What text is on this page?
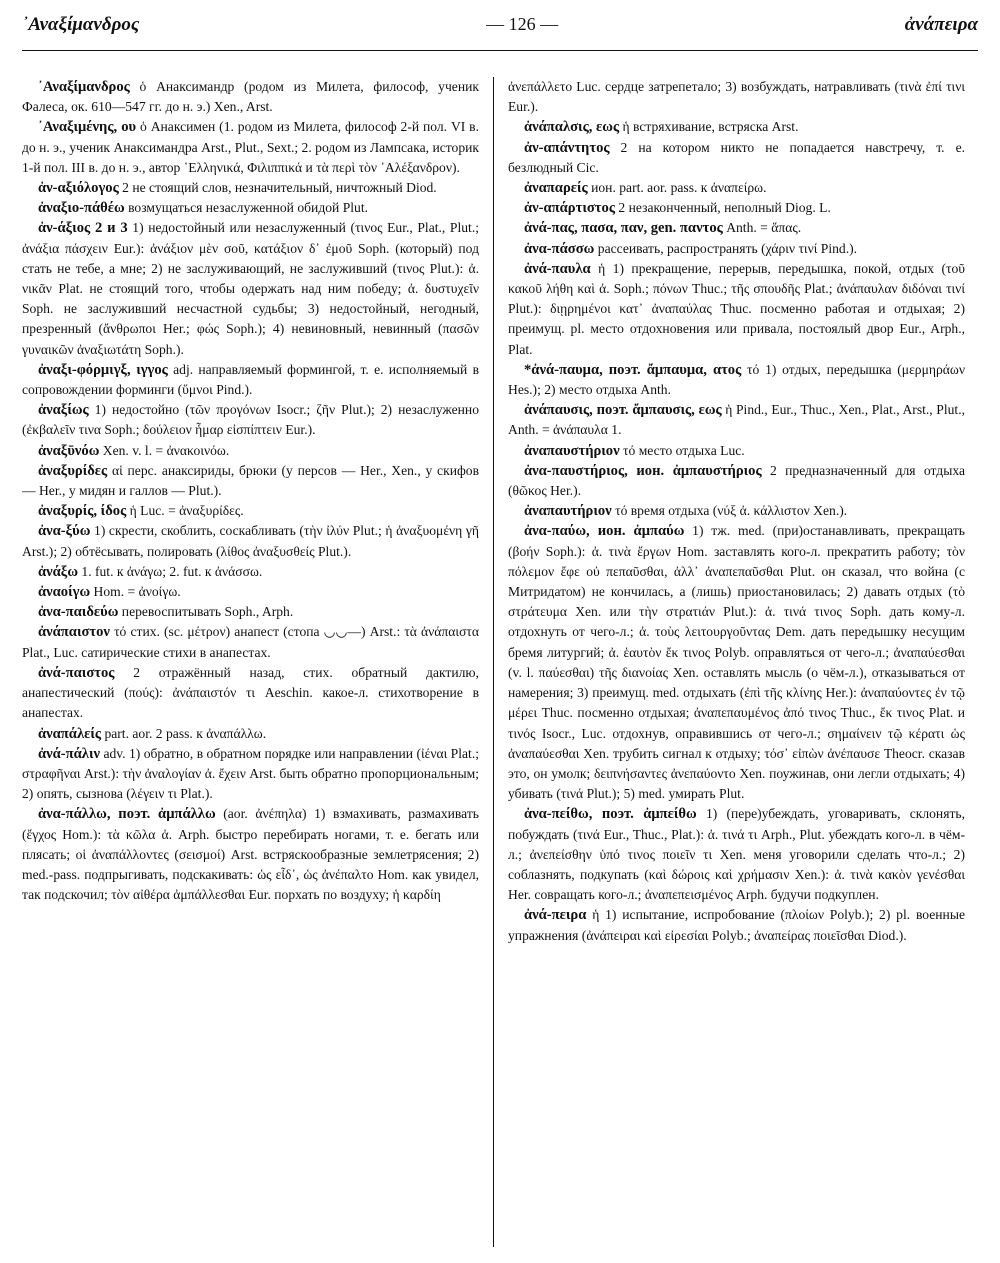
᾿Αναξίμανδρος	— 126 —	ἀνάπειρα

᾿Αναξίμανδρος ὁ Анаксимандр (родом из Милета, философ, ученик Фалеса, ок. 610—547 гг. до н. э.) Xen., Arst.

᾿Αναξιμένης, ου ὁ Анаксимен (1. родом из Милета, философ 2-й пол. VI в. до н. э., ученик Анаксимандра Arst., Plut., Sext.; 2. родом из Лампсака, историк 1-й пол. III в. до н. э., автор ῾Ελληνικά, Φιλιππικά и τὰ περὶ τὸν ᾿Αλέξανδρον).

ἀν-αξιόλογος 2 не стоящий слов, незначительный, ничтожный Diod.

ἀναξιο-πάθέω возмущаться незаслуженной обидой Plut.

ἀν-άξιος 2 и 3 1) недостойный или незаслуженный (τινος Eur., Plat., Plut.; ἀνάξια πάσχειν Eur.): ἀνάξιον μὲν σοῦ, κατάξιον δ᾿ ἐμοῦ Soph. (который) под стать не тебе, а мне; 2) не заслуживающий, не заслуживший (τινος Plut.): ἀ. νικᾶν Plat. не стоящий того, чтобы одержать над ним победу; ἀ. δυστυχεῖν Soph. не заслуживший несчастной судьбы; 3) недостойный, негодный, презренный (ἄνθρωποι Her.; φώς Soph.); 4) невиновный, невинный (πασῶν γυναικῶν ἀναξιωτάτη Soph.).

ἀναξι-φόρμιγξ, ιγγος adj. направляемый формингой, т. е. исполняемый в сопровождении форминги (ὕμνοι Pind.).

ἀναξίως 1) недостойно (τῶν προγόνων Isocr.; ζῆν Plut.); 2) незаслуженно (ἐκβαλεῖν τινα Soph.; δούλειον ἦμαρ εἰσπίπτειν Eur.).

ἀναξῡνόω Xen. v. l. = ἀνακοινόω.

ἀναξυρίδες αἱ перс. анаксириды, брюки (у персов — Her., Xen., у скифов — Her., у мидян и галлов — Plut.).

ἀναξυρίς, ίδος ἡ Luc. = ἀναξυρίδες.

ἀνα-ξύω 1) скрести, скоблить, соскабливать (τὴν ἰλύν Plut.; ἡ ἀναξυομένη γῆ Arst.); 2) обтёсывать, полировать (λίθος ἀναξυσθείς Plut.).

ἀνάξω 1. fut. к ἀνάγω; 2. fut. к ἀνάσσω.

ἀναοίγω Hom. = ἀνοίγω.

ἀνα-παιδεύω перевоспитывать Soph., Arph.

ἀνάπαιστον τό стих. (sc. μέτρον) анапест (стопа ◡◡—) Arst.: τὰ ἀνάπαιστα Plat., Luc. сатирические стихи в анапестах.

ἀνά-παιστος 2 отражённый назад, стих. обратный дактилю, анапестический (πούς): ἀνάπαιστόν τι Aeschin. какое-л. стихотворение в анапестах.

ἀναπάλείς part. aor. 2 pass. к ἀναπάλλω.

ἀνά-πάλιν adv. 1) обратно, в обратном порядке или направлении (ἰέναι Plat.; στραφῆναι Arst.): τὴν ἀναλογίαν ἀ. ἔχειν Arst. быть обратно пропорциональным; 2) опять, сызнова (λέγειν τι Plat.).

ἀνα-πάλλω, поэт. ἀμπάλλω (aor. ἀνέπηλα) 1) взмахивать, размахивать (ἔγχος Hom.): τὰ κῶλα ἀ. Arph. быстро перебирать ногами, т. е. бегать или плясать; οἱ ἀναπάλλοντες (σεισμοί) Arst. встряскообразные землетрясения; 2) med.-pass. подпрыгивать, подскакивать: ὡς εἶδ᾿, ὡς ἀνέπαλτο Hom. как увидел, так подскочил; τὸν αἰθέρα ἀμπάλλεσθαι Eur. порхать по воздуху; ἡ καρδίη

ἀνεπάλλετο Luc. сердце затрепетало; 3) возбуждать, натравливать (τινὰ ἐπί τινι Eur.).

ἀνάπαλσις, εως ἡ встряхивание, встряска Arst.

ἀν-απάντητος 2 на котором никто не попадается навстречу, т. е. безлюдный Cic.

ἀναπαρείς ион. part. aor. pass. к ἀναπείρω.

ἀν-απάρτιστος 2 незаконченный, неполный Diog. L.

ἀνά-πας, πασα, παν, gen. παντος Anth. = ἅπας.

ἀνα-πάσσω рассеивать, распространять (χάριν τινί Pind.).

ἀνά-παυλα ἡ 1) прекращение, перерыв, передышка, покой, отдых (τοῦ κακοῦ λήθη καὶ ἀ. Soph.; πόνων Thuc.; τῆς σπουδῆς Plat.; ἀνάπαυλαν διδόναι τινί Plut.): διῃρημένοι κατ᾿ ἀναπαύλας Thuc. посменно работая и отдыхая; 2) преимущ. pl. место отдохновения или привала, постоялый двор Eur., Arph., Plat.

*ἀνά-παυμα, поэт. ἄμπαυμα, ατος τό 1) отдых, передышка (μερμηράων Hes.); 2) место отдыха Anth.

ἀνάπαυσις, поэт. ἄμπαυσις, εως ἡ Pind., Eur., Thuc., Xen., Plat., Arst., Plut., Anth. = ἀνάπαυλα 1.

ἀναπαυστήριον τό место отдыха Luc.

ἀνα-παυστήριος, ион. ἀμπαυστήριος 2 предназначенный для отдыха (θῶκος Her.).

ἀναπαυτήριον τό время отдыха (νύξ ἀ. κάλλιστον Xen.).

ἀνα-παύω, ион. ἀμπαύω 1) тж. med. (при)останавливать, прекращать (βοήν Soph.): ἀ. τινὰ ἔργων Hom. заставлять кого-л. прекратить работу; τὸν πόλεμον ἔφε οὐ πεπαῦσθαι, ἀλλ᾿ ἀναπεπαῦσθαι Plut. он сказал, что война (с Митридатом) не кончилась, а (лишь) приостановилась; 2) давать отдых (τὸ στράτευμα Xen. или τὴν στρατιάν Plut.): ἀ. τινά τινος Soph. дать кому-л. отдохнуть от чего-л.; ἀ. τοὺς λειτουργοῦντας Dem. дать передышку несущим бремя литургий; ἀ. ἑαυτὸν ἔκ τινος Polyb. оправляться от чего-л.; ἀναπαύεσθαι (v. l. παύεσθαι) τῆς διανοίας Xen. оставлять мысль (о чём-л.), отказываться от намерения; 3) преимущ. med. отдыхать (ἐπὶ τῆς κλίνης Her.): ἀναπαύοντες ἐν τῷ μέρει Thuc. посменно отдыхая; ἀναπεπαυμένος ἀπό τινος Thuc., ἔκ τινος Plat. и τινός Isocr., Luc. отдохнув, оправившись от чего-л.; σημαίνειν τῷ κέρατι ὡς ἀναπαύεσθαι Xen. трубить сигнал к отдыху; τόσ᾿ εἰπὼν ἀνέπαυσε Theocr. сказав это, он умолк; δειπνήσαντες ἀνεπαύοντο Xen. поужинав, они легли отдыхать; 4) убивать (τινά Plut.); 5) med. умирать Plut.

ἀνα-πείθω, поэт. ἀμπείθω 1) (пере)убеждать, уговаривать, склонять, побуждать (τινά Eur., Thuc., Plat.): ἀ. τινά τι Arph., Plut. убеждать кого-л. в чём-л.; ἀνεπείσθην ὑπό τινος ποιεῖν τι Xen. меня уговорили сделать что-л.; 2) соблазнять, подкупать (καὶ δώροις καὶ χρήμασιν Xen.): ἀ. τινὰ κακὸν γενέσθαι Her. совращать кого-л.; ἀναπεπεισμένος Arph. будучи подкуплен.

ἀνά-πειρα ἡ 1) испытание, испробование (πλοίων Polyb.); 2) pl. военные упражнения (ἀνάπειραι καὶ εἰρεσίαι Polyb.; ἀναπείρας ποιεῖσθαι Diod.).
